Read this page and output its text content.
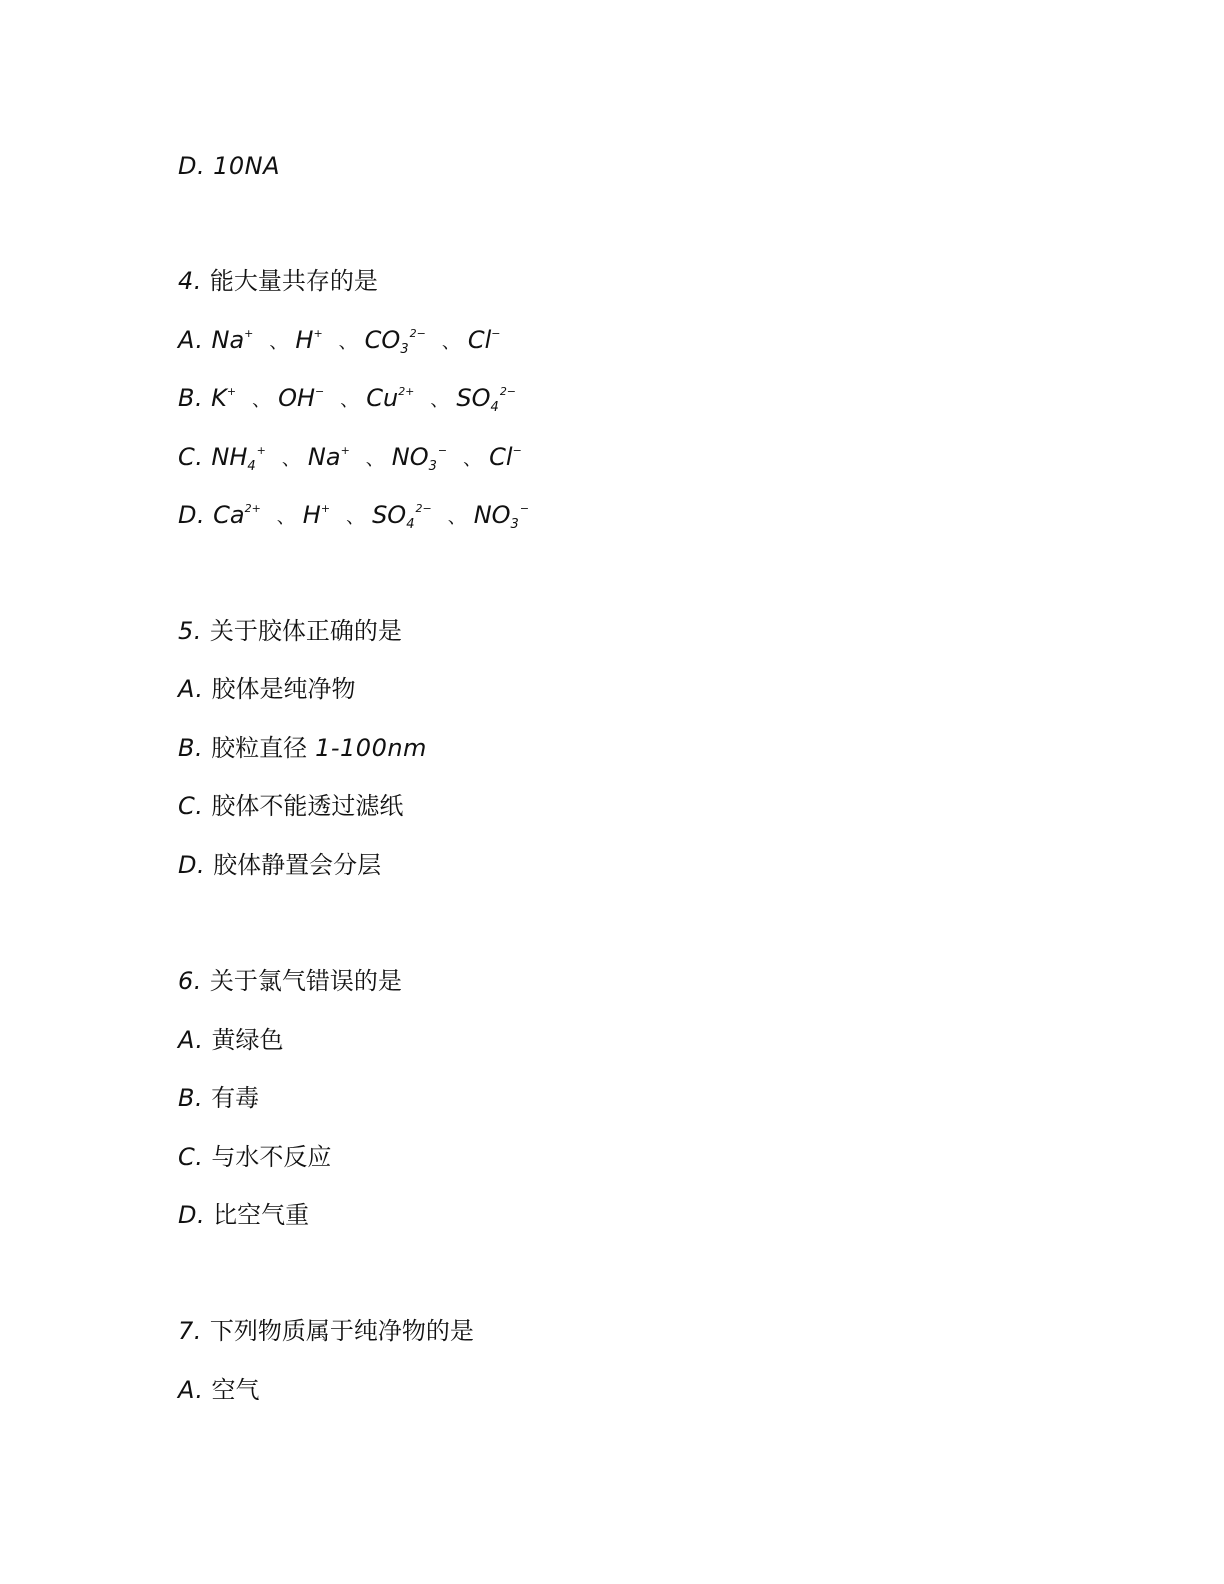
D. 10NA
4. 能大量共存的是
A. Na+ 、 H+ 、 $CO_3^{2-}$ 、 Cl−
B. K+ 、 OH− 、 $Cu^{2+}$ 、 $SO_4^{2-}$
C. $NH_4^+$ 、 Na+ 、 $NO_3^-$ 、 Cl−
D. $Ca^{2+}$ 、 H+ 、 $SO_4^{2-}$ 、 $NO_3^-$
5. 关于胶体正确的是
A. 胶体是纯净物
B. 胶粒直径 1-100nm
C. 胶体不能透过滤纸
D. 胶体静置会分层
6. 关于氯气错误的是
A. 黄绿色
B. 有毒
C. 与水不反应
D. 比空气重
7. 下列物质属于纯净物的是
A. 空气
